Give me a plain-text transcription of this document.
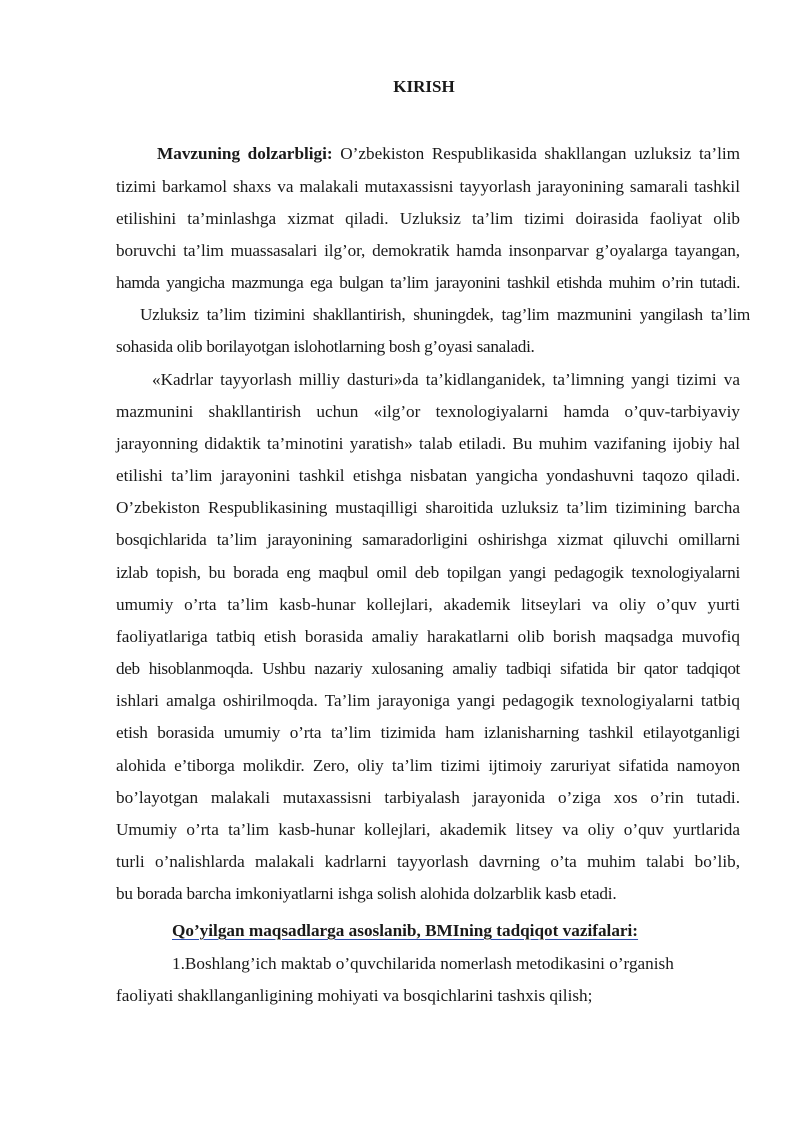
KIRISH
Mavzuning dolzarbligi: O’zbekiston Respublikasida shakllangan uzluksiz ta’lim
tizimi barkamol shaxs va malakali mutaxassisni tayyorlash jarayonining samarali tashkil
etilishini ta’minlashga xizmat qiladi. Uzluksiz ta’lim tizimi doirasida faoliyat olib
boruvchi ta’lim muassasalari ilg’or, demokratik hamda insonparvar g’oyalarga tayangan,
hamda yangicha mazmunga ega bulgan ta’lim jarayonini tashkil etishda muhim o’rin tutadi.
Uzluksiz ta’lim tizimini shakllantirish, shuningdek, tag’lim mazmunini yangilash ta’lim
sohasida olib borilayotgan islohotlarning bosh g’oyasi sanaladi.
«Kadrlar tayyorlash milliy dasturi»da ta’kidlanganidek, ta’limning yangi tizimi va
mazmunini shakllantirish uchun «ilg’or texnologiyalarni hamda o’quv-tarbiyaviy
jarayonning didaktik ta’minotini yaratish» talab etiladi. Bu muhim vazifaning ijobiy hal
etilishi ta’lim jarayonini tashkil etishga nisbatan yangicha yondashuvni taqozo qiladi.
O’zbekiston Respublikasining mustaqilligi sharoitida uzluksiz ta’lim tizimining barcha
bosqichlarida ta’lim jarayonining samaradorligini oshirishga xizmat qiluvchi omillarni
izlab topish, bu borada eng maqbul omil deb topilgan yangi pedagogik texnologiyalarni
umumiy o’rta ta’lim kasb-hunar kollejlari, akademik litseylari va oliy o’quv yurti
faoliyatlariga tatbiq etish borasida amaliy harakatlarni olib borish maqsadga muvofiq
deb hisoblanmoqda. Ushbu nazariy xulosaning amaliy tadbiqi sifatida bir qator tadqiqot
ishlari amalga oshirilmoqda. Ta’lim jarayoniga yangi pedagogik texnologiyalarni tatbiq
etish borasida umumiy o’rta ta’lim tizimida ham izlanisharning tashkil etilayotganligi
alohida e’tiborga molikdir. Zero, oliy ta’lim tizimi ijtimoiy zaruriyat sifatida namoyon
bo’layotgan malakali mutaxassisni tarbiyalash jarayonida o’ziga xos o’rin tutadi.
Umumiy o’rta ta’lim kasb-hunar kollejlari, akademik litsey va oliy o’quv yurtlarida
turli o’nalishlarda malakali kadrlarni tayyorlash davrning o’ta muhim talabi bo’lib,
bu borada barcha imkoniyatlarni ishga solish alohida dolzarblik kasb etadi.
Qo’yilgan maqsadlarga asoslanib, BMIning tadqiqot vazifalari:
1.Boshlang’ich maktab o’quvchilarida nomerlash metodikasini o’rganish
faoliyati shakllanganligining mohiyati va bosqichlarini tashxis qilish;
